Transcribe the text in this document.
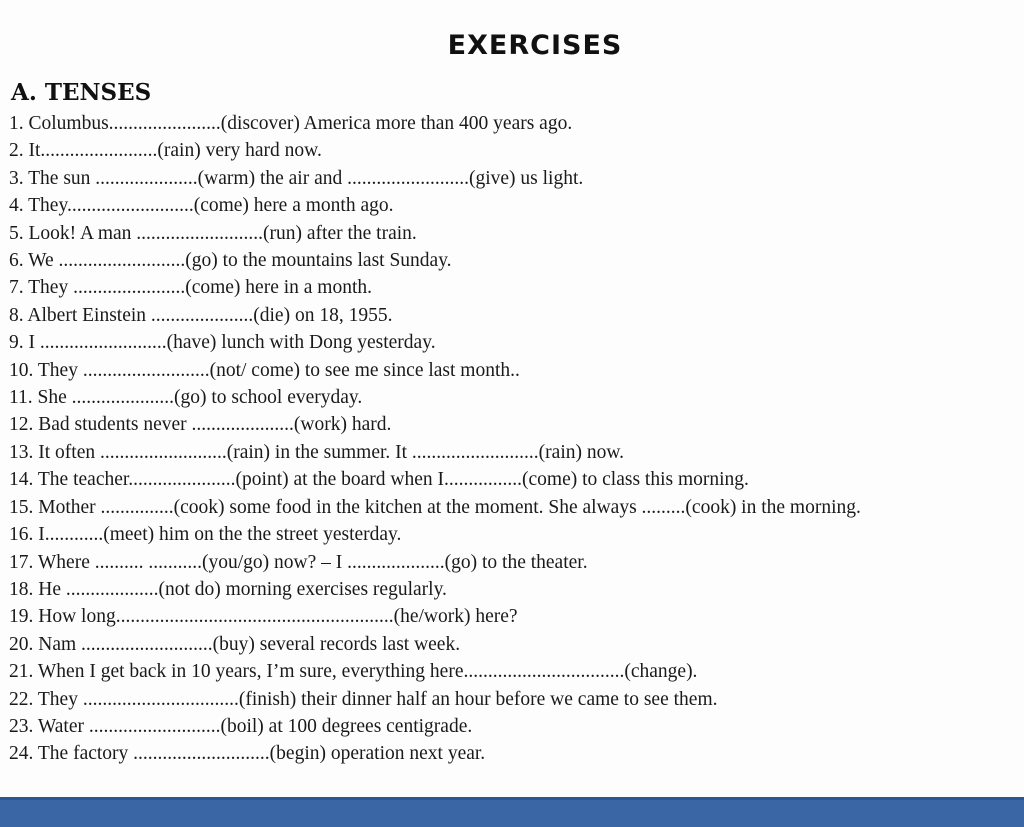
EXERCISES
A. TENSES
1. Columbus.......................(discover) America more than 400 years ago.
2. It........................(rain) very hard now.
3. The sun .....................(warm) the air and .........................(give) us light.
4. They..........................(come) here a month ago.
5. Look! A man ..........................(run) after the train.
6. We ..........................(go) to the mountains last Sunday.
7. They .......................(come) here in a month.
8. Albert Einstein .....................(die) on 18, 1955.
9. I ..........................(have) lunch with Dong yesterday.
10. They ..........................(not/ come) to see me since last month..
11. She .....................(go) to school everyday.
12. Bad students never .....................(work) hard.
13. It often ..........................(rain) in the summer. It ..........................(rain) now.
14. The teacher......................(point) at the board when I................(come) to class this morning.
15. Mother ...............(cook) some food in the kitchen at the moment. She always .........(cook) in the morning.
16. I............(meet) him on the the street yesterday.
17. Where .......... ...........(you/go) now? – I ....................(go) to the theater.
18. He ...................(not do) morning exercises regularly.
19. How long.........................................................(he/work) here?
20. Nam ...........................(buy) several records last week.
21. When I get back in 10 years, I’m sure, everything here.................................(change).
22. They ................................(finish) their dinner half an hour before we came to see them.
23. Water ...........................(boil) at 100 degrees centigrade.
24. The factory ............................(begin) operation next year.
